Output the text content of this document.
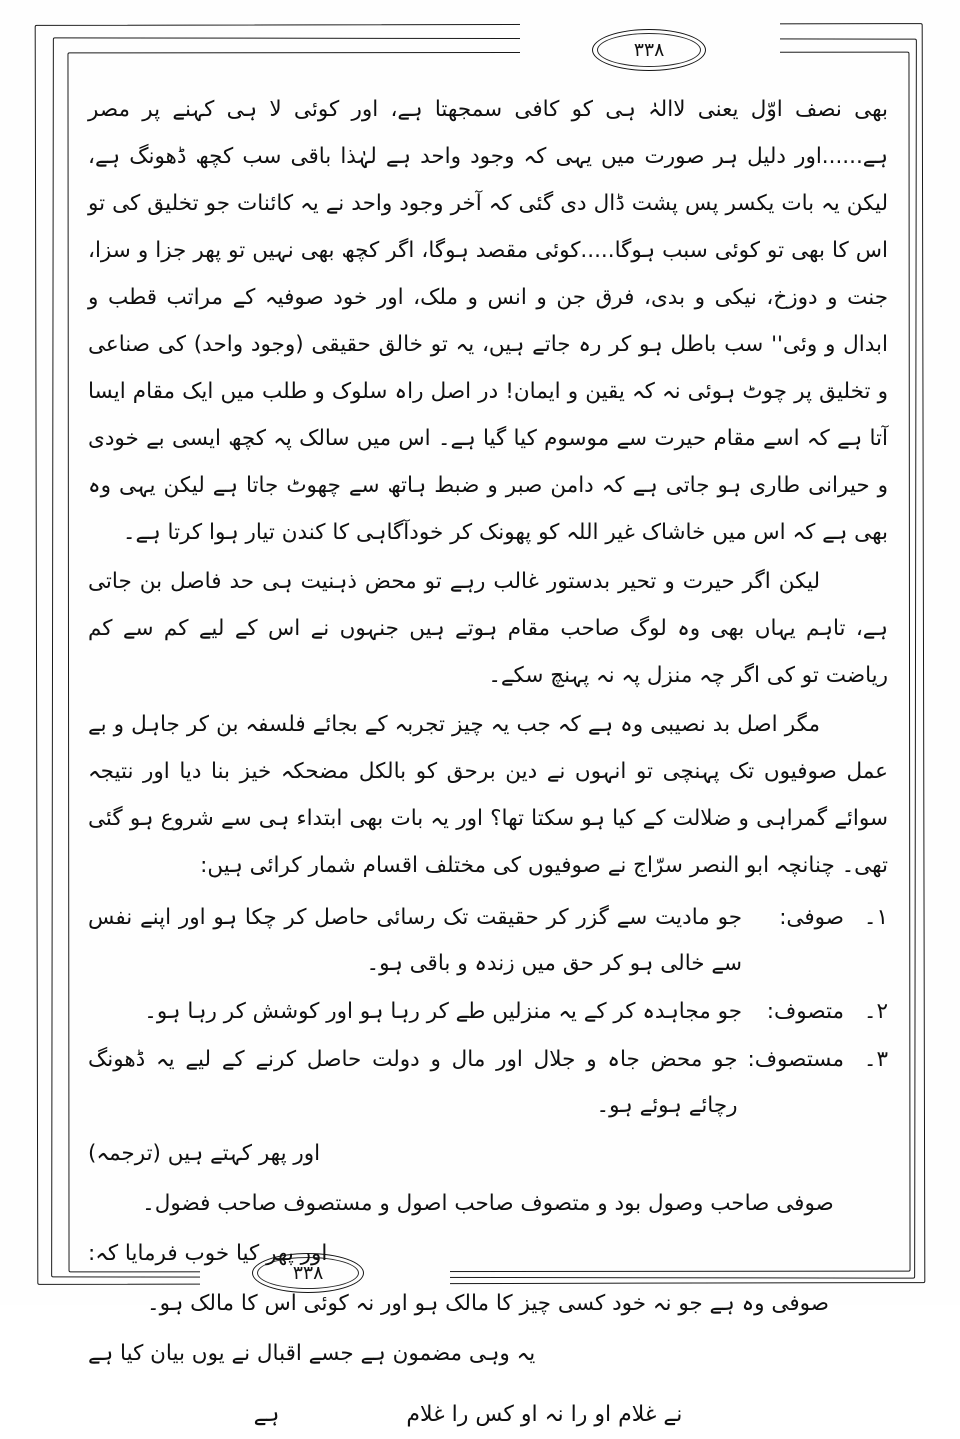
۳۳۸
۳۳۸

بھی نصف اوّل یعنی لاالہٰ ہی کو کافی سمجھتا ہے، اور کوئی لا ہی کہنے پر مصر ہے......اور دلیل ہر صورت میں یہی کہ وجود واحد ہے لہٰذا باقی سب کچھ ڈھونگ ہے، لیکن یہ بات یکسر پس پشت ڈال دی گئی کہ آخر وجود واحد نے یہ کائنات جو تخلیق کی تو اس کا بھی تو کوئی سبب ہوگا.....کوئی مقصد ہوگا، اگر کچھ بھی نہیں تو پھر جزا و سزا، جنت و دوزخ، نیکی و بدی، فرق جن و انس و ملک، اور خود صوفیہ کے مراتب قطب و ابدال و وئی'' سب باطل ہو کر رہ جاتے ہیں، یہ تو خالق حقیقی (وجود واحد) کی صناعی و تخلیق پر چوٹ ہوئی نہ کہ یقین و ایمان! در اصل راہ سلوک و طلب میں ایک مقام ایسا آتا ہے کہ اسے مقام حیرت سے موسوم کیا گیا ہے۔ اس میں سالک پہ کچھ ایسی بے خودی و حیرانی طاری ہو جاتی ہے کہ دامن صبر و ضبط ہاتھ سے چھوٹ جاتا ہے لیکن یہی وہ بھی ہے کہ اس میں خاشاک غیر اللہ کو پھونک کر خودآگاہی کا کندن تیار ہوا کرتا ہے۔

لیکن اگر حیرت و تحیر بدستور غالب رہے تو محض ذہنیت ہی حد فاصل بن جاتی ہے، تاہم یہاں بھی وہ لوگ صاحب مقام ہوتے ہیں جنہوں نے اس کے لیے کم سے کم ریاضت تو کی اگر چہ منزل پہ نہ پہنچ سکے۔

مگر اصل بد نصیبی وہ ہے کہ جب یہ چیز تجربہ کے بجائے فلسفہ بن کر جاہل و بے عمل صوفیوں تک پہنچی تو انہوں نے دین برحق کو بالکل مضحکہ خیز بنا دیا اور نتیجہ سوائے گمراہی و ضلالت کے کیا ہو سکتا تھا؟ اور یہ بات بھی ابتداء ہی سے شروع ہو گئی تھی۔ چنانچہ ابو النصر سرّاج نے صوفیوں کی مختلف اقسام شمار کرائی ہیں:

۱۔
صوفی:
جو مادیت سے گزر کر حقیقت تک رسائی حاصل کر چکا ہو اور اپنے نفس سے خالی ہو کر حق میں زندہ و باقی ہو۔
۲۔
متصوف:
جو مجاہدہ کر کے یہ منزلیں طے کر رہا ہو اور کوشش کر رہا ہو۔
۳۔
مستصوف:
جو محض جاہ و جلال اور مال و دولت حاصل کرنے کے لیے یہ ڈھونگ رچائے ہوئے ہو۔
اور پھر کہتے ہیں (ترجمہ)
صوفی صاحب وصول بود و متصوف صاحب اصول و مستصوف صاحب فضول۔
اور پھر کیا خوب فرمایا کہ:
صوفی وہ ہے جو نہ خود کسی چیز کا مالک ہو اور نہ کوئی اس کا مالک ہو۔
یہ وہی مضمون ہے جسے اقبال نے یوں بیان کیا ہے
نے غلام او را نہ او کس را غلام ہے
